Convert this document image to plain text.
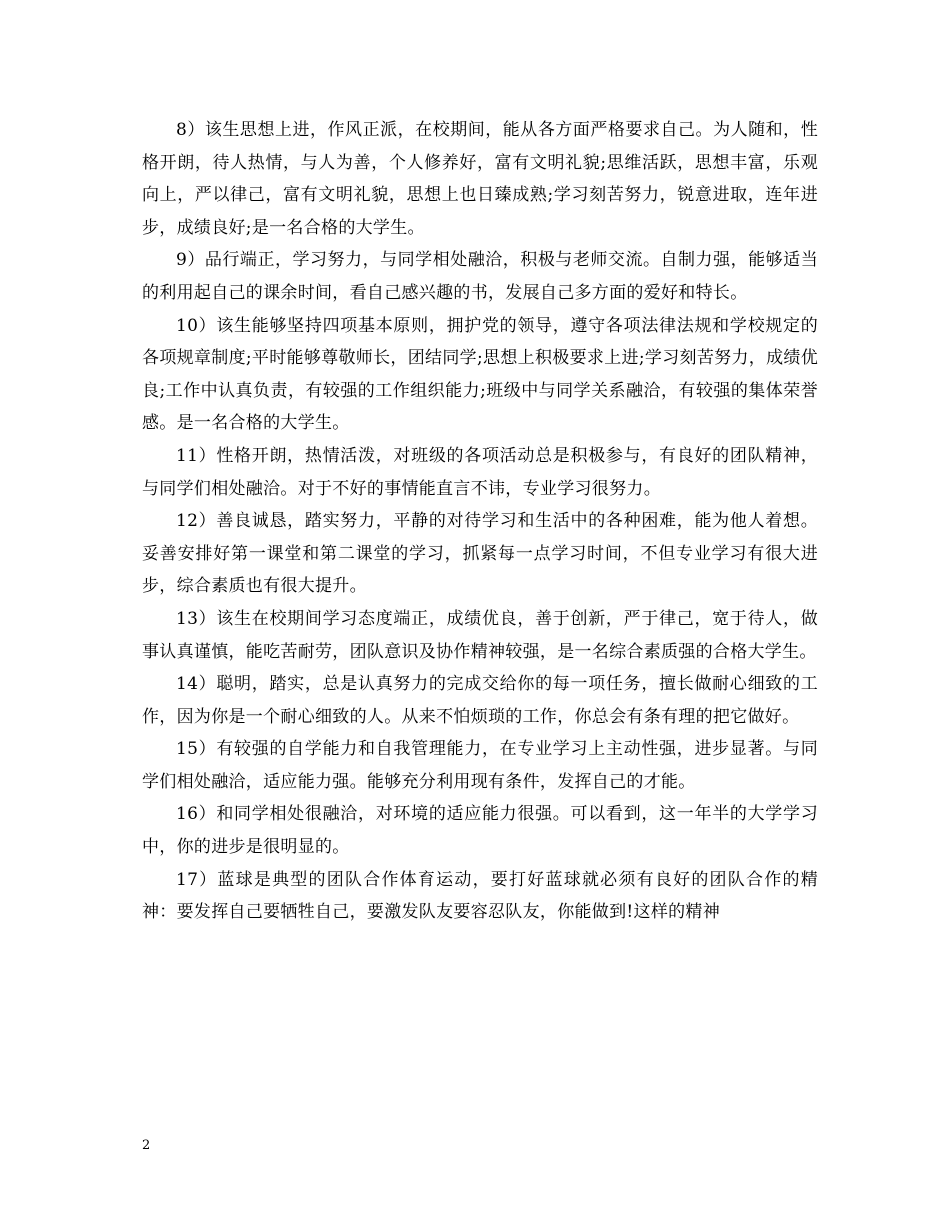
8）该生思想上进，作风正派，在校期间，能从各方面严格要求自己。为人随和，性格开朗，待人热情，与人为善，个人修养好，富有文明礼貌;思维活跃，思想丰富，乐观向上，严以律己，富有文明礼貌，思想上也日臻成熟;学习刻苦努力，锐意进取，连年进步，成绩良好;是一名合格的大学生。

9）品行端正，学习努力，与同学相处融洽，积极与老师交流。自制力强，能够适当的利用起自己的课余时间，看自己感兴趣的书，发展自己多方面的爱好和特长。

10）该生能够坚持四项基本原则，拥护党的领导，遵守各项法律法规和学校规定的各项规章制度;平时能够尊敬师长，团结同学;思想上积极要求上进;学习刻苦努力，成绩优良;工作中认真负责，有较强的工作组织能力;班级中与同学关系融洽，有较强的集体荣誉感。是一名合格的大学生。

11）性格开朗，热情活泼，对班级的各项活动总是积极参与，有良好的团队精神，与同学们相处融洽。对于不好的事情能直言不讳，专业学习很努力。

12）善良诚恳，踏实努力，平静的对待学习和生活中的各种困难，能为他人着想。妥善安排好第一课堂和第二课堂的学习，抓紧每一点学习时间，不但专业学习有很大进步，综合素质也有很大提升。

13）该生在校期间学习态度端正，成绩优良，善于创新，严于律己，宽于待人，做事认真谨慎，能吃苦耐劳，团队意识及协作精神较强，是一名综合素质强的合格大学生。

14）聪明，踏实，总是认真努力的完成交给你的每一项任务，擅长做耐心细致的工作，因为你是一个耐心细致的人。从来不怕烦琐的工作，你总会有条有理的把它做好。

15）有较强的自学能力和自我管理能力，在专业学习上主动性强，进步显著。与同学们相处融洽，适应能力强。能够充分利用现有条件，发挥自己的才能。

16）和同学相处很融洽，对环境的适应能力很强。可以看到，这一年半的大学学习中，你的进步是很明显的。

17）蓝球是典型的团队合作体育运动，要打好蓝球就必须有良好的团队合作的精神：要发挥自己要牺牲自己，要激发队友要容忍队友，你能做到!这样的精神

2
